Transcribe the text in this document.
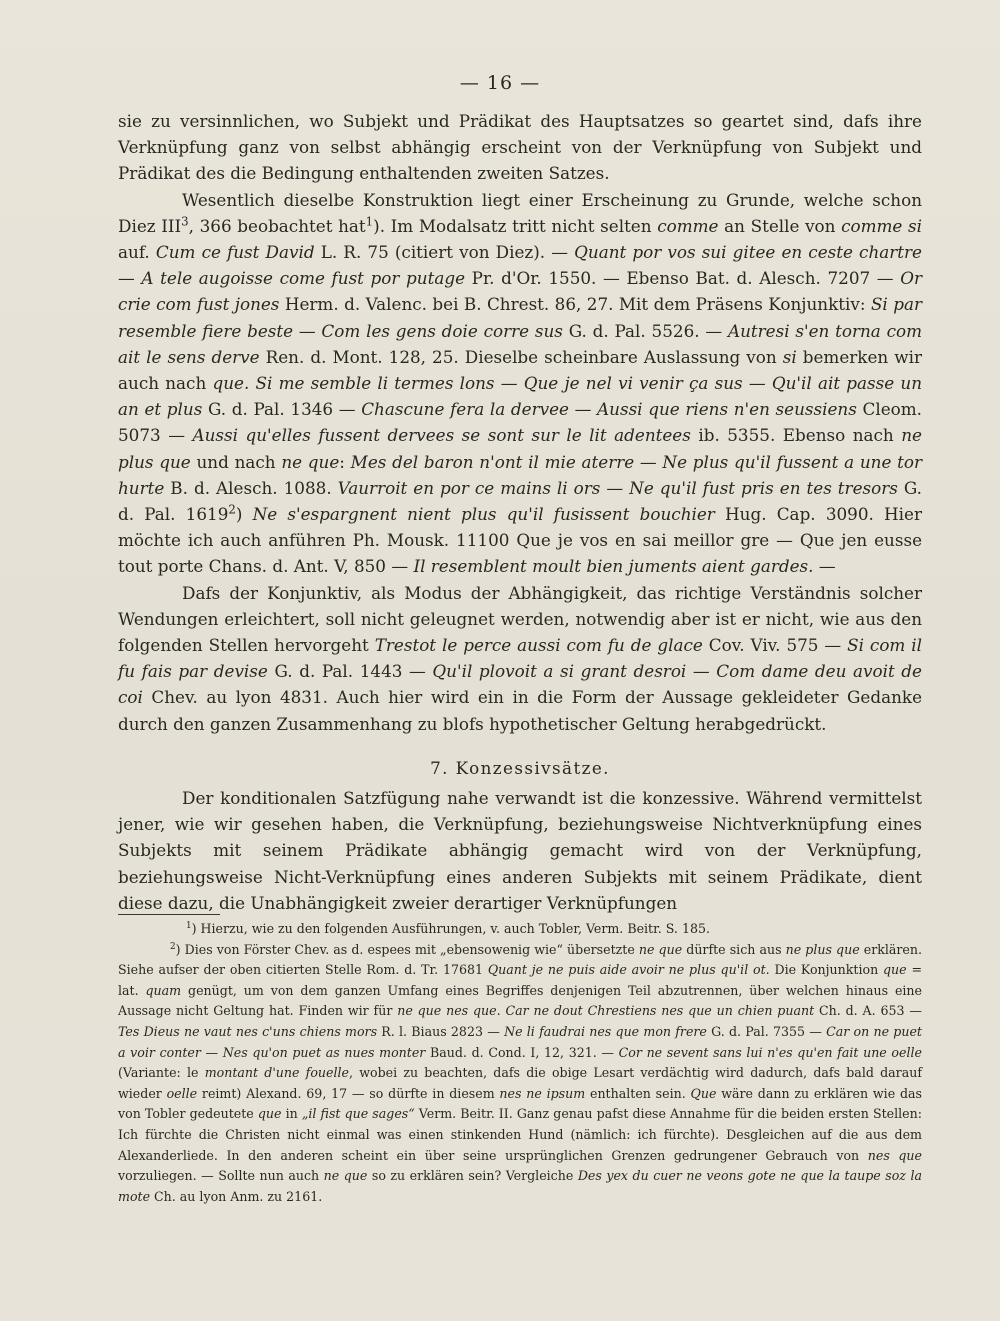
— 16 —

sie zu versinnlichen, wo Subjekt und Prädikat des Hauptsatzes so geartet sind, dafs ihre Verknüpfung ganz von selbst abhängig erscheint von der Verknüpfung von Subjekt und Prädikat des die Bedingung enthaltenden zweiten Satzes.

Wesentlich dieselbe Konstruktion liegt einer Erscheinung zu Grunde, welche schon Diez III$^3$, 366 beobachtet hat$^1$). Im Modalsatz tritt nicht selten comme an Stelle von comme si auf. Cum ce fust David L. R. 75 (citiert von Diez). — Quant por vos sui gitee en ceste chartre — A tele augoisse come fust por putage Pr. d'Or. 1550. — Ebenso Bat. d. Alesch. 7207 — Or crie com fust jones Herm. d. Valenc. bei B. Chrest. 86, 27. Mit dem Präsens Konjunktiv: Si par resemble fiere beste — Com les gens doie corre sus G. d. Pal. 5526. — Autresi s'en torna com ait le sens derve Ren. d. Mont. 128, 25. Dieselbe scheinbare Auslassung von si bemerken wir auch nach que. Si me semble li termes lons — Que je nel vi venir ça sus — Qu'il ait passe un an et plus G. d. Pal. 1346 — Chascune fera la dervee — Aussi que riens n'en seussiens Cleom. 5073 — Aussi qu'elles fussent dervees se sont sur le lit adentees ib. 5355. Ebenso nach ne plus que und nach ne que: Mes del baron n'ont il mie aterre — Ne plus qu'il fussent a une tor hurte B. d. Alesch. 1088. Vaurroit en por ce mains li ors — Ne qu'il fust pris en tes tresors G. d. Pal. 1619$^2$) Ne s'espargnent nient plus qu'il fusissent bouchier Hug. Cap. 3090. Hier möchte ich auch anführen Ph. Mousk. 11100 Que je vos en sai meillor gre — Que jen eusse tout porte Chans. d. Ant. V, 850 — Il resemblent moult bien juments aient gardes. —

Dafs der Konjunktiv, als Modus der Abhängigkeit, das richtige Verständnis solcher Wendungen erleichtert, soll nicht geleugnet werden, notwendig aber ist er nicht, wie aus den folgenden Stellen hervorgeht Trestot le perce aussi com fu de glace Cov. Viv. 575 — Si com il fu fais par devise G. d. Pal. 1443 — Qu'il plovoit a si grant desroi — Com dame deu avoit de coi Chev. au lyon 4831. Auch hier wird ein in die Form der Aussage gekleideter Gedanke durch den ganzen Zusammenhang zu blofs hypothetischer Geltung herabgedrückt.

7. Konzessivsätze.

Der konditionalen Satzfügung nahe verwandt ist die konzessive. Während vermittelst jener, wie wir gesehen haben, die Verknüpfung, beziehungsweise Nichtverknüpfung eines Subjekts mit seinem Prädikate abhängig gemacht wird von der Verknüpfung, beziehungsweise Nicht-Verknüpfung eines anderen Subjekts mit seinem Prädikate, dient diese dazu, die Unabhängigkeit zweier derartiger Verknüpfungen

$^1$) Hierzu, wie zu den folgenden Ausführungen, v. auch Tobler, Verm. Beitr. S. 185.

$^2$) Dies von Förster Chev. as d. espees mit „ebensowenig wie“ übersetzte ne que dürfte sich aus ne plus que erklären. Siehe aufser der oben citierten Stelle Rom. d. Tr. 17681 Quant je ne puis aide avoir ne plus qu'il ot. Die Konjunktion que = lat. quam genügt, um von dem ganzen Umfang eines Begriffes denjenigen Teil abzutrennen, über welchen hinaus eine Aussage nicht Geltung hat. Finden wir für ne que nes que. Car ne dout Chrestiens nes que un chien puant Ch. d. A. 653 — Tes Dieus ne vaut nes c'uns chiens mors R. l. Biaus 2823 — Ne li faudrai nes que mon frere G. d. Pal. 7355 — Car on ne puet a voir conter — Nes qu'on puet as nues monter Baud. d. Cond. I, 12, 321. — Cor ne sevent sans lui n'es qu'en fait une oelle (Variante: le montant d'une fouelle, wobei zu beachten, dafs die obige Lesart verdächtig wird dadurch, dafs bald darauf wieder oelle reimt) Alexand. 69, 17 — so dürfte in diesem nes ne ipsum enthalten sein. Que wäre dann zu erklären wie das von Tobler gedeutete que in „il fist que sages“ Verm. Beitr. II. Ganz genau pafst diese Annahme für die beiden ersten Stellen: Ich fürchte die Christen nicht einmal was einen stinkenden Hund (nämlich: ich fürchte). Desgleichen auf die aus dem Alexanderliede. In den anderen scheint ein über seine ursprünglichen Grenzen gedrungener Gebrauch von nes que vorzuliegen. — Sollte nun auch ne que so zu erklären sein? Vergleiche Des yex du cuer ne veons gote ne que la taupe soz la mote Ch. au lyon Anm. zu 2161.
